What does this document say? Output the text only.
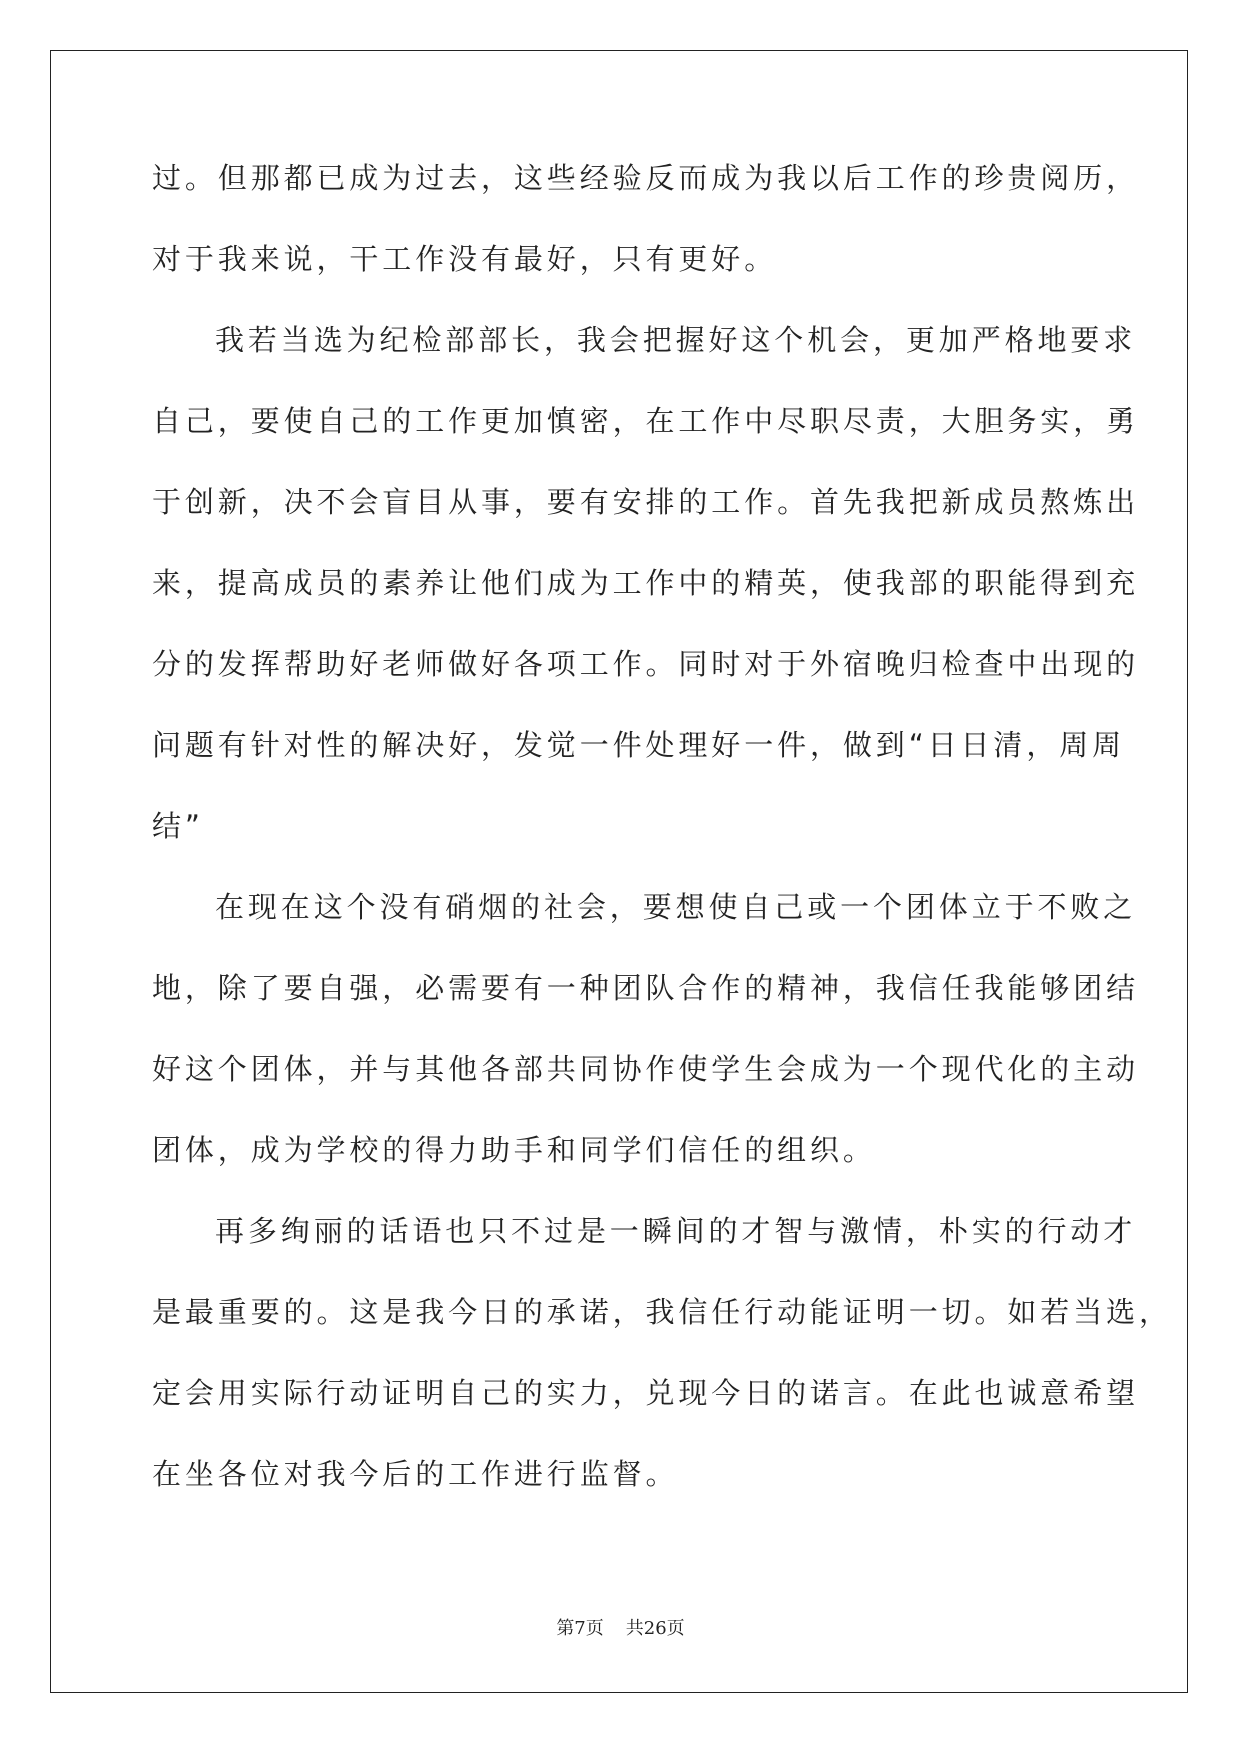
过。但那都已成为过去，这些经验反而成为我以后工作的珍贵阅历，
对于我来说，干工作没有最好，只有更好。
我若当选为纪检部部长，我会把握好这个机会，更加严格地要求
自己，要使自己的工作更加慎密，在工作中尽职尽责，大胆务实，勇
于创新，决不会盲目从事，要有安排的工作。首先我把新成员熬炼出
来，提高成员的素养让他们成为工作中的精英，使我部的职能得到充
分的发挥帮助好老师做好各项工作。同时对于外宿晚归检查中出现的
问题有针对性的解决好，发觉一件处理好一件，做到“日日清，周周
结”
在现在这个没有硝烟的社会，要想使自己或一个团体立于不败之
地，除了要自强，必需要有一种团队合作的精神，我信任我能够团结
好这个团体，并与其他各部共同协作使学生会成为一个现代化的主动
团体，成为学校的得力助手和同学们信任的组织。
再多绚丽的话语也只不过是一瞬间的才智与激情，朴实的行动才
是最重要的。这是我今日的承诺，我信任行动能证明一切。如若当选，
定会用实际行动证明自己的实力，兑现今日的诺言。在此也诚意希望
在坐各位对我今后的工作进行监督。
第7页 共26页
